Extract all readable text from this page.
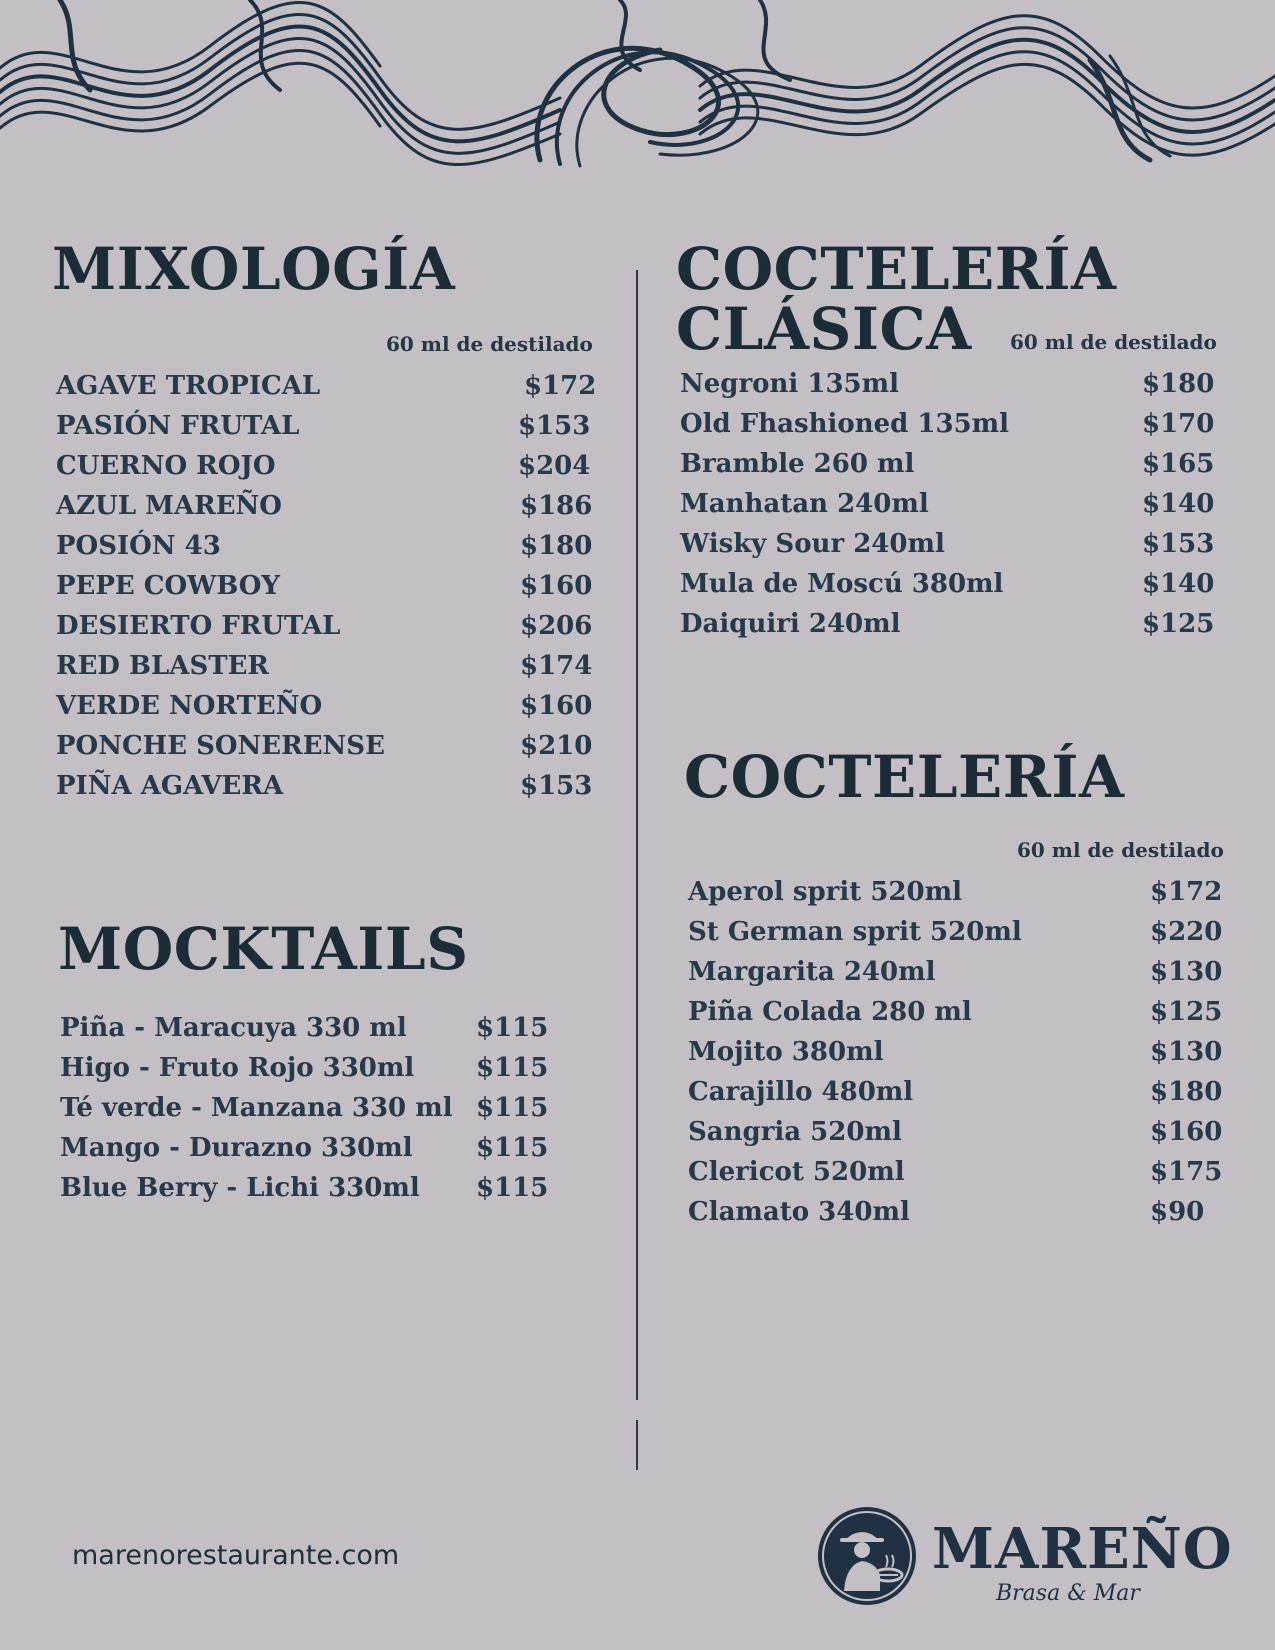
MIXOLOGÍA
60 ml de destilado
AGAVE TROPICAL	$172
PASIÓN FRUTAL	$153
CUERNO ROJO	$204
AZUL MAREÑO	$186
POSIÓN 43	$180
PEPE COWBOY	$160
DESIERTO FRUTAL	$206
RED BLASTER	$174
VERDE NORTEÑO	$160
PONCHE SONERENSE	$210
PIÑA AGAVERA	$153
MOCKTAILS
Piña - Maracuya 330 ml	$115
Higo - Fruto Rojo 330ml $115
Té verde - Manzana 330 ml $115
Mango - Durazno 330ml $115
Blue Berry - Lichi 330ml $115
COCTELERÍA
CLÁSICA 60 ml de destilado
Negroni 135ml	$180
Old Fhashioned 135ml	$170
Bramble 260 ml	$165
Manhatan 240ml	$140
Wisky Sour 240ml	$153
Mula de Moscú 380ml	$140
Daiquiri 240ml	$125
COCTELERÍA
60 ml de destilado
Aperol sprit 520ml	$172
St German sprit 520ml	$220
Margarita 240ml	$130
Piña Colada 280 ml	$125
Mojito 380ml	$130
Carajillo 480ml	$180
Sangria 520ml	$160
Clericot 520ml	$175
Clamato 340ml	$90
marenorestaurante.com	MAREÑO
Brasa & Mar
